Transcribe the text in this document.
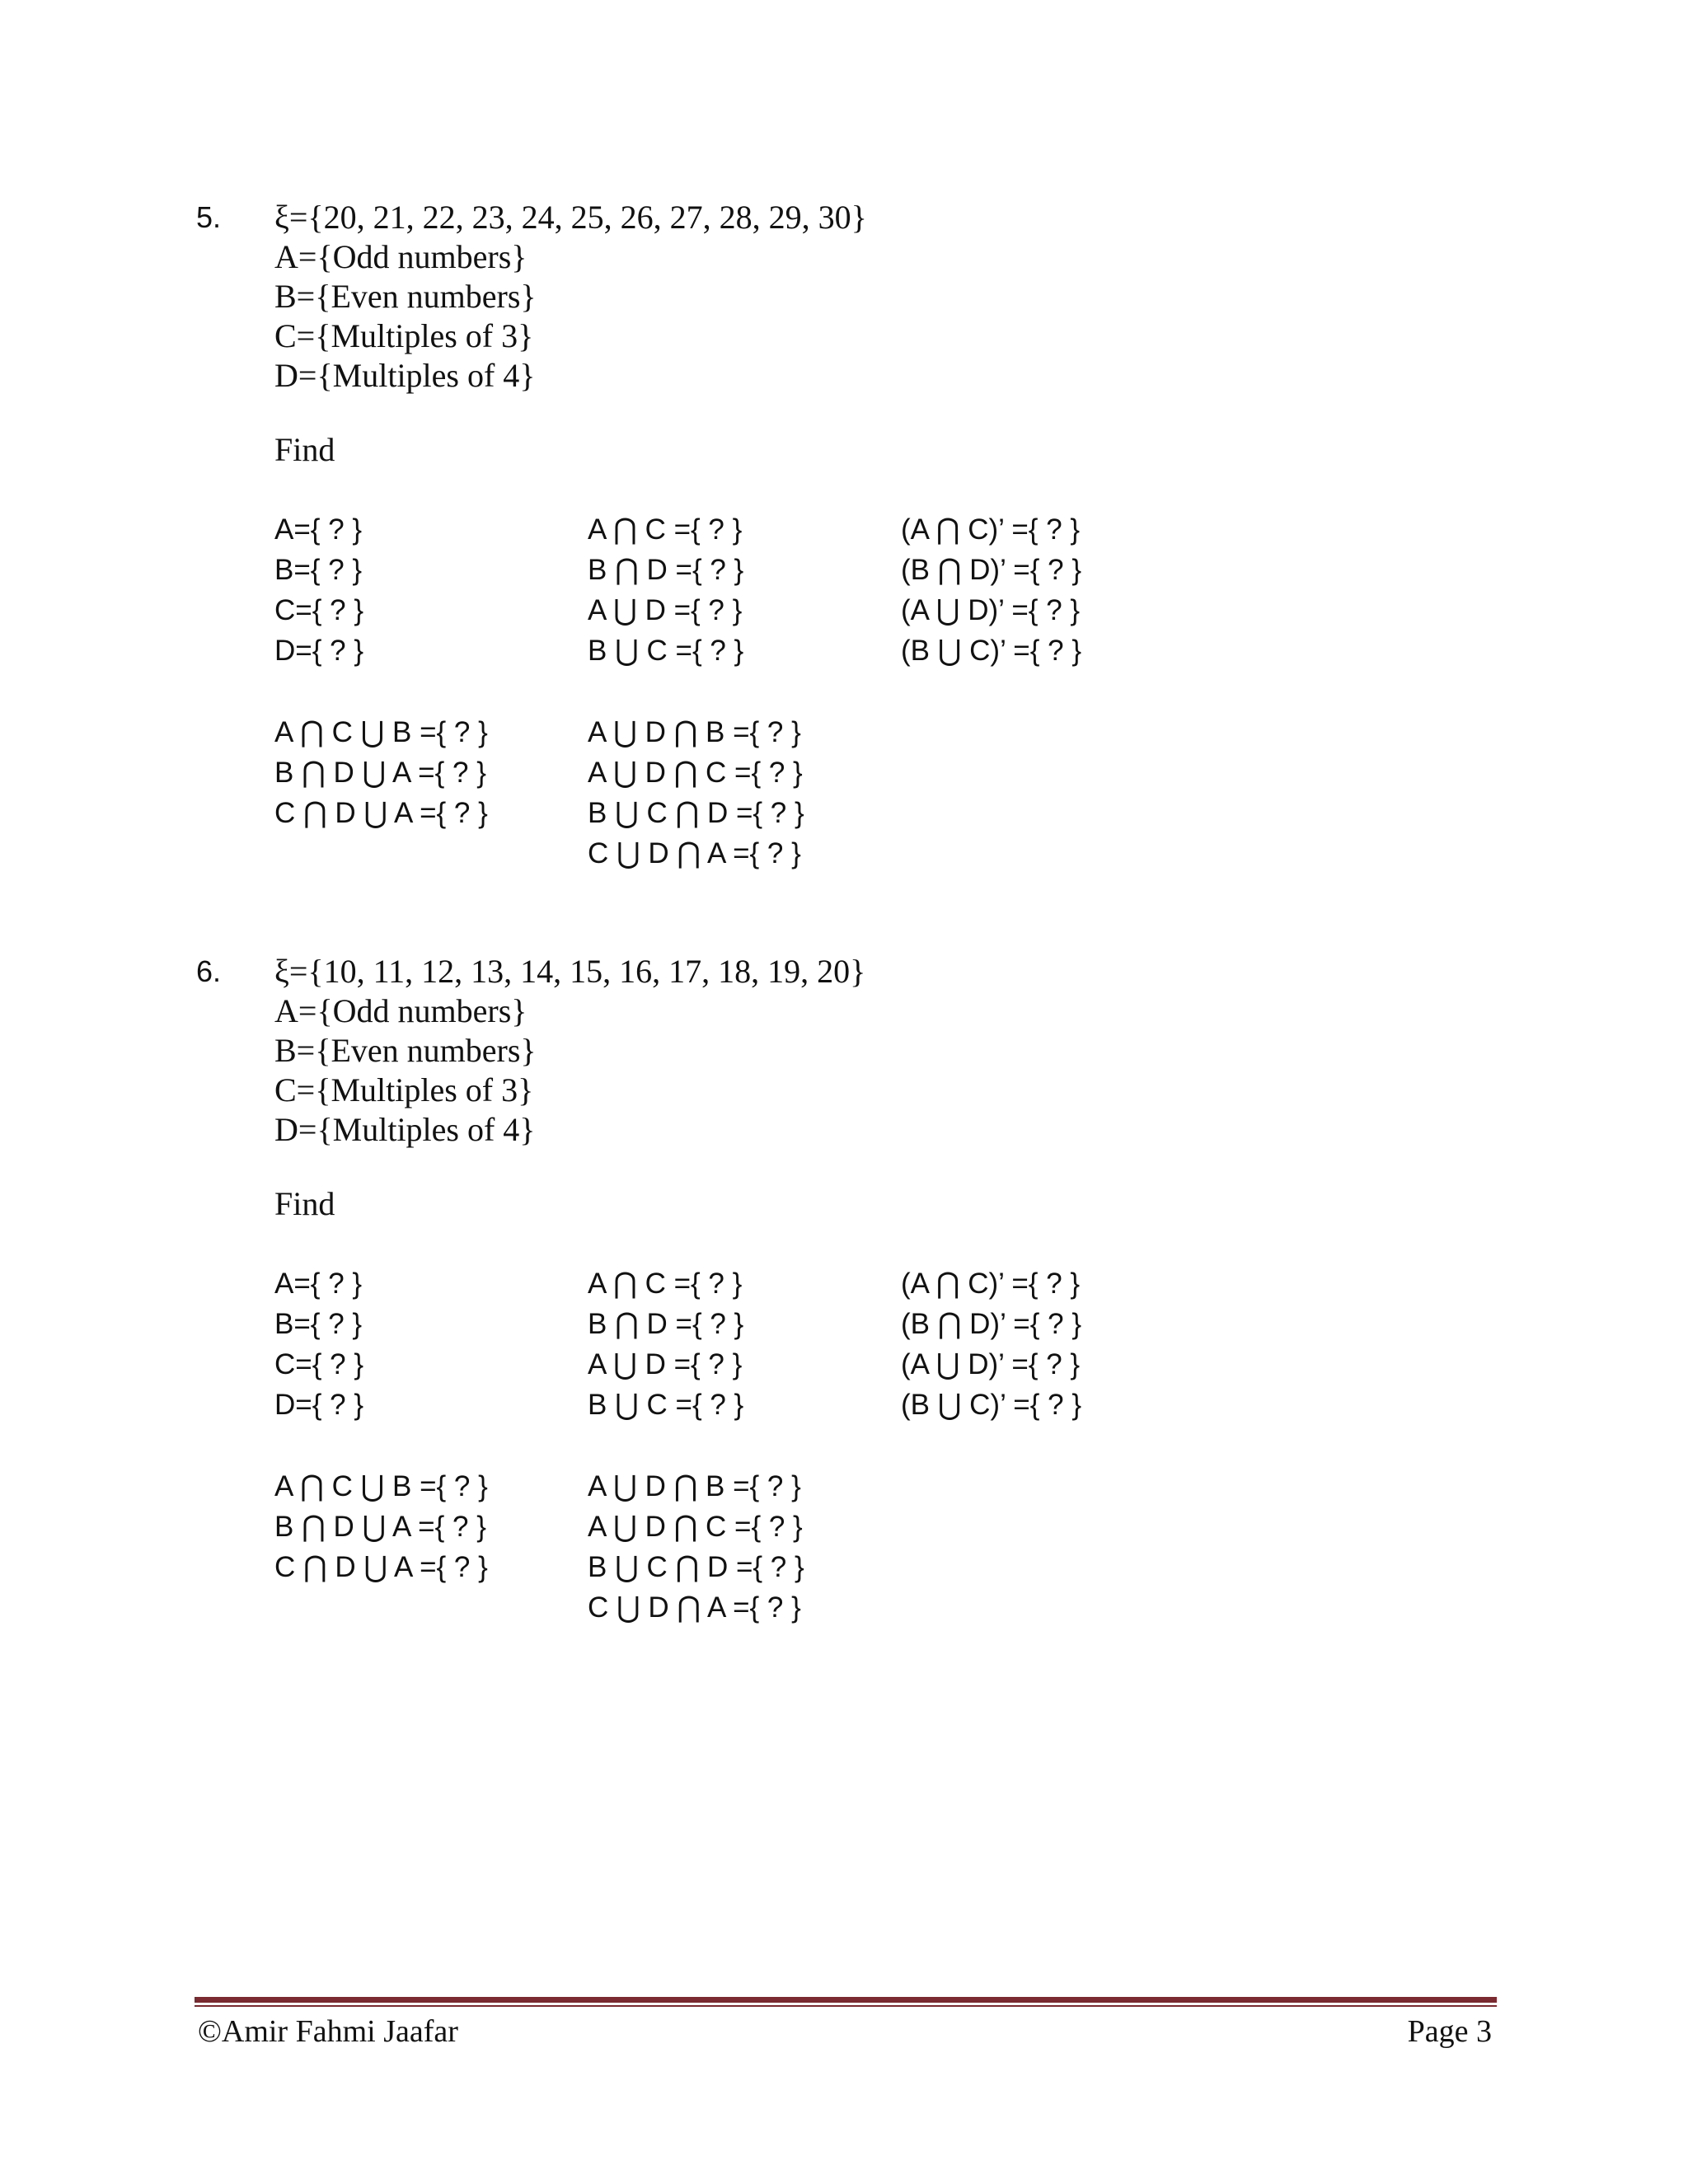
5. ξ={20, 21, 22, 23, 24, 25, 26, 27, 28, 29, 30}
A={Odd numbers}
B={Even numbers}
C={Multiples of 3}
D={Multiples of 4}
Find
A={ ? }
B={ ? }
C={ ? }
D={ ? }
A ⋂ C ={ ? }
B ⋂ D ={ ? }
A ⋃ D ={ ? }
B ⋃ C ={ ? }
(A ⋂ C)’ ={ ? }
(B ⋂ D)’ ={ ? }
(A ⋃ D)’ ={ ? }
(B ⋃ C)’ ={ ? }
A ⋂ C ⋃ B ={ ? }
B ⋂ D ⋃ A ={ ? }
C ⋂ D ⋃ A ={ ? }
A ⋃ D ⋂ B ={ ? }
A ⋃ D ⋂ C ={ ? }
B ⋃ C ⋂ D ={ ? }
C ⋃ D ⋂ A ={ ? }
6. ξ={10, 11, 12, 13, 14, 15, 16, 17, 18, 19, 20}
A={Odd numbers}
B={Even numbers}
C={Multiples of 3}
D={Multiples of 4}
Find
A={ ? }
B={ ? }
C={ ? }
D={ ? }
A ⋂ C ={ ? }
B ⋂ D ={ ? }
A ⋃ D ={ ? }
B ⋃ C ={ ? }
(A ⋂ C)’ ={ ? }
(B ⋂ D)’ ={ ? }
(A ⋃ D)’ ={ ? }
(B ⋃ C)’ ={ ? }
A ⋂ C ⋃ B ={ ? }
B ⋂ D ⋃ A ={ ? }
C ⋂ D ⋃ A ={ ? }
A ⋃ D ⋂ B ={ ? }
A ⋃ D ⋂ C ={ ? }
B ⋃ C ⋂ D ={ ? }
C ⋃ D ⋂ A ={ ? }
©Amir Fahmi Jaafar	Page 3
